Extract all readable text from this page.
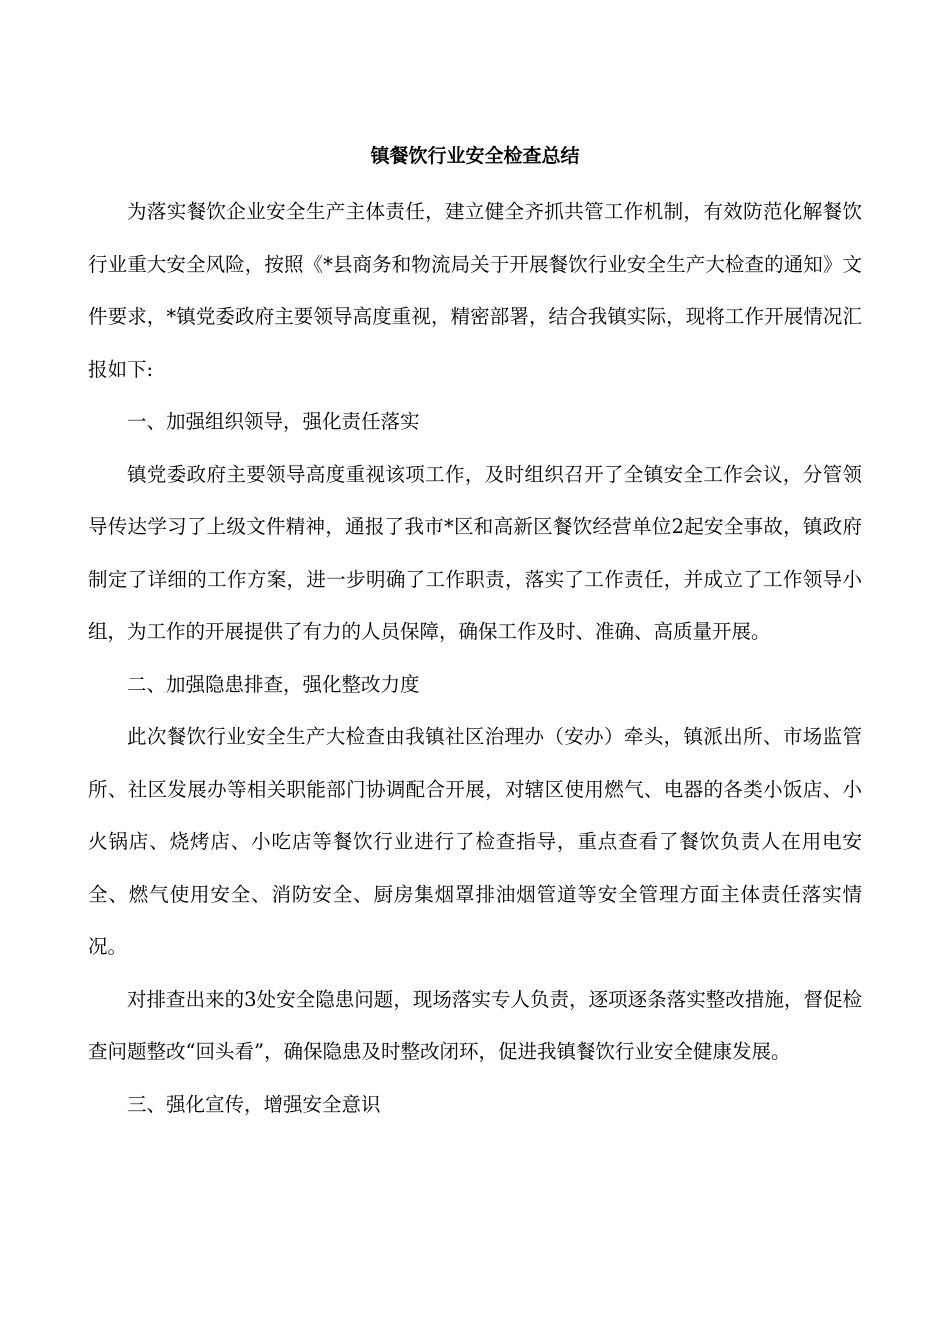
镇餐饮行业安全检查总结

为落实餐饮企业安全生产主体责任，建立健全齐抓共管工作机制，有效防范化解餐饮行业重大安全风险，按照《*县商务和物流局关于开展餐饮行业安全生产大检查的通知》文件要求，*镇党委政府主要领导高度重视，精密部署，结合我镇实际，现将工作开展情况汇报如下:

一、加强组织领导，强化责任落实

镇党委政府主要领导高度重视该项工作，及时组织召开了全镇安全工作会议，分管领导传达学习了上级文件精神，通报了我市*区和高新区餐饮经营单位2起安全事故，镇政府制定了详细的工作方案，进一步明确了工作职责，落实了工作责任，并成立了工作领导小组，为工作的开展提供了有力的人员保障，确保工作及时、准确、高质量开展。

二、加强隐患排查，强化整改力度

此次餐饮行业安全生产大检查由我镇社区治理办（安办）牵头，镇派出所、市场监管所、社区发展办等相关职能部门协调配合开展，对辖区使用燃气、电器的各类小饭店、小火锅店、烧烤店、小吃店等餐饮行业进行了检查指导，重点查看了餐饮负责人在用电安全、燃气使用安全、消防安全、厨房集烟罩排油烟管道等安全管理方面主体责任落实情况。

对排查出来的3处安全隐患问题，现场落实专人负责，逐项逐条落实整改措施，督促检查问题整改“回头看”，确保隐患及时整改闭环，促进我镇餐饮行业安全健康发展。

三、强化宣传，增强安全意识
